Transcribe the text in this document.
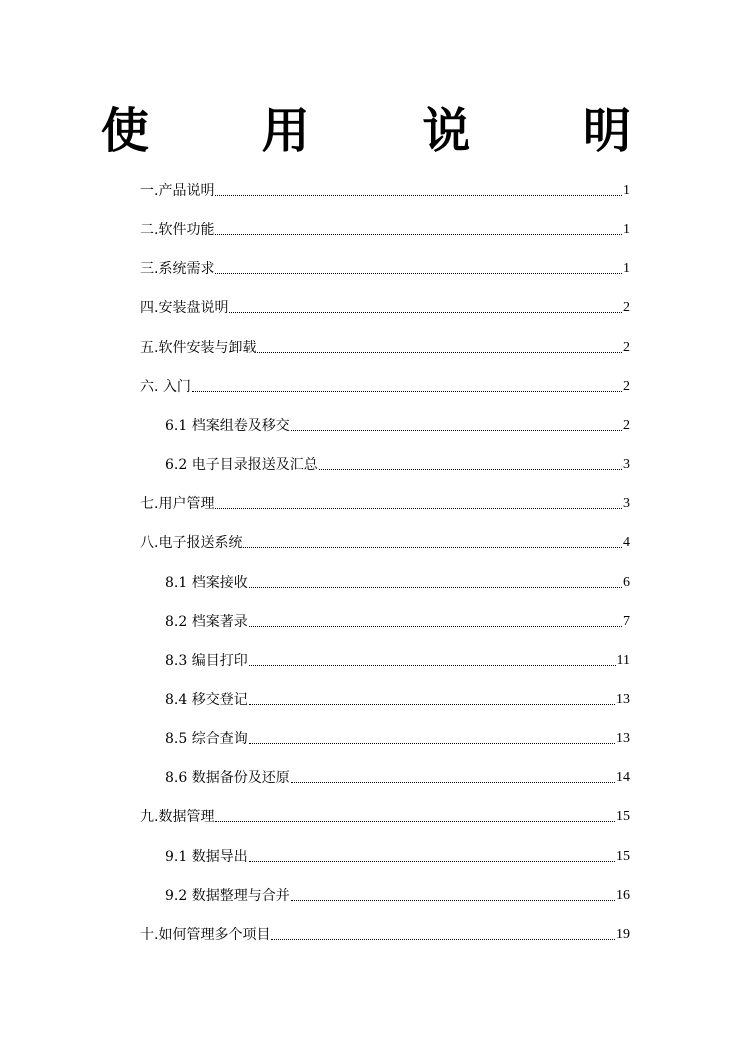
使 用 说 明
一.产品说明	1
二.软件功能	1
三.系统需求	1
四.安装盘说明	2
五.软件安装与卸载	2
六. 入门	2
6.1 档案组卷及移交	2
6.2 电子目录报送及汇总	3
七.用户管理	3
八.电子报送系统	4
8.1 档案接收	6
8.2 档案著录	7
8.3 编目打印	11
8.4 移交登记	13
8.5 综合查询	13
8.6 数据备份及还原	14
九.数据管理	15
9.1 数据导出	15
9.2 数据整理与合并	16
十.如何管理多个项目	19
